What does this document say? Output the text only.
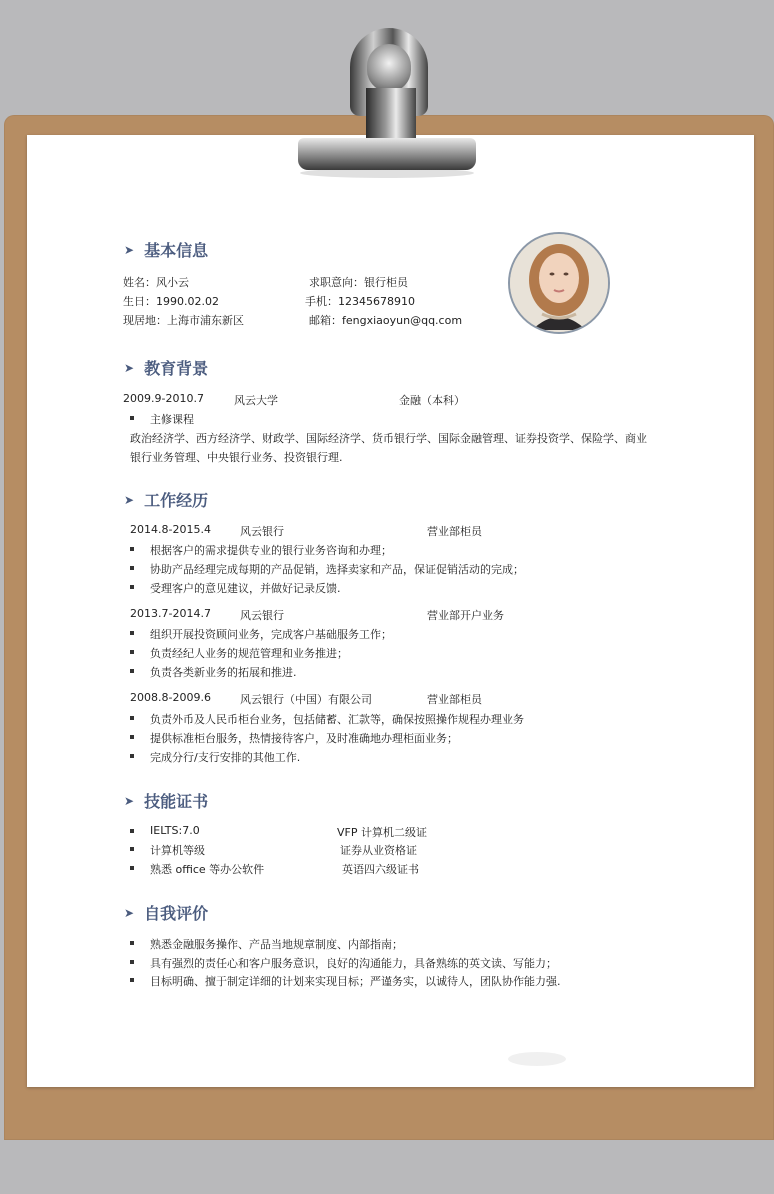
➤ 基本信息
姓名：风小云	求职意向：银行柜员
生日：1990.02.02	手机：12345678910
现居地：上海市浦东新区	邮箱：fengxiaoyun@qq.com
➤ 教育背景
2009.9-2010.7	风云大学	金融（本科）
主修课程
政治经济学、西方经济学、财政学、国际经济学、货币银行学、国际金融管理、证券投资学、保险学、商业
银行业务管理、中央银行业务、投资银行理.
➤ 工作经历
2014.8-2015.4	风云银行	营业部柜员
根据客户的需求提供专业的银行业务咨询和办理；
协助产品经理完成每期的产品促销，选择卖家和产品，保证促销活动的完成；
受理客户的意见建议，并做好记录反馈.
2013.7-2014.7	风云银行	营业部开户业务
组织开展投资顾问业务，完成客户基础服务工作；
负责经纪人业务的规范管理和业务推进；
负责各类新业务的拓展和推进.
2008.8-2009.6	风云银行（中国）有限公司	营业部柜员
负责外币及人民币柜台业务，包括储蓄、汇款等，确保按照操作规程办理业务
提供标准柜台服务，热情接待客户，及时准确地办理柜面业务；
完成分行/支行安排的其他工作.
➤ 技能证书
IELTS:7.0	VFP 计算机二级证
计算机等级	证券从业资格证
熟悉 office 等办公软件	英语四六级证书
➤ 自我评价
熟悉金融服务操作、产品当地规章制度、内部指南；
具有强烈的责任心和客户服务意识，良好的沟通能力，具备熟练的英文读、写能力；
目标明确、擅于制定详细的计划来实现目标；严谨务实，以诚待人，团队协作能力强.
